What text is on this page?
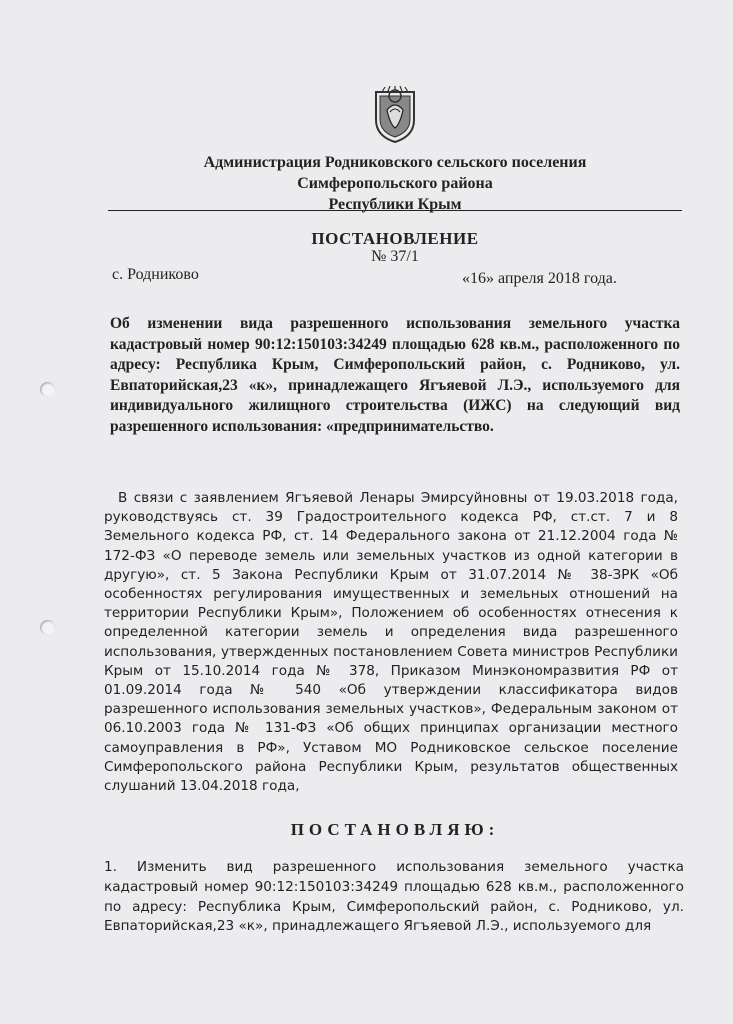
Администрация Родниковского сельского поселения
Симферопольского района
Республики Крым
ПОСТАНОВЛЕНИЕ
№ 37/1
с. Родниково	«16» апреля 2018 года.
Об изменении вида разрешенного использования земельного участка кадастровый номер 90:12:150103:34249 площадью 628 кв.м., расположенного по адресу: Республика Крым, Симферопольский район, с. Родниково, ул. Евпаторийская,23 «к», принадлежащего Ягъяевой Л.Э., используемого для индивидуального жилищного строительства (ИЖС) на следующий вид разрешенного использования: «предпринимательство.

В связи с заявлением Ягъяевой Ленары Эмирсуйновны от 19.03.2018 года, руководствуясь ст. 39 Градостроительного кодекса РФ, ст.ст. 7 и 8 Земельного кодекса РФ, ст. 14 Федерального закона от 21.12.2004 года № 172-ФЗ «О переводе земель или земельных участков из одной категории в другую», ст. 5 Закона Республики Крым от 31.07.2014 № 38-ЗРК «Об особенностях регулирования имущественных и земельных отношений на территории Республики Крым», Положением об особенностях отнесения к определенной категории земель и определения вида разрешенного использования, утвержденных постановлением Совета министров Республики Крым от 15.10.2014 года № 378, Приказом Минэкономразвития РФ от 01.09.2014 года № 540 «Об утверждении классификатора видов разрешенного использования земельных участков», Федеральным законом от 06.10.2003 года № 131-ФЗ «Об общих принципах организации местного самоуправления в РФ», Уставом МО Родниковское сельское поселение Симферопольского района Республики Крым, результатов общественных слушаний 13.04.2018 года,

ПОСТАНОВЛЯЮ:

1. Изменить вид разрешенного использования земельного участка кадастровый номер 90:12:150103:34249 площадью 628 кв.м., расположенного по адресу: Республика Крым, Симферопольский район, с. Родниково, ул. Евпаторийская,23 «к», принадлежащего Ягъяевой Л.Э., используемого для
